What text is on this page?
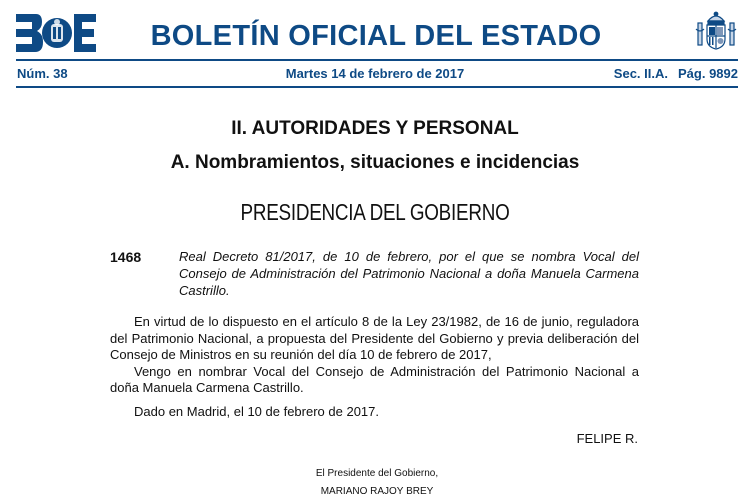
BOLETÍN OFICIAL DEL ESTADO
Núm. 38	Martes 14 de febrero de 2017	Sec. II.A. Pág. 9892
II. AUTORIDADES Y PERSONAL
A. Nombramientos, situaciones e incidencias
PRESIDENCIA DEL GOBIERNO
1468	Real Decreto 81/2017, de 10 de febrero, por el que se nombra Vocal del Consejo de Administración del Patrimonio Nacional a doña Manuela Carmena Castrillo.

En virtud de lo dispuesto en el artículo 8 de la Ley 23/1982, de 16 de junio, reguladora del Patrimonio Nacional, a propuesta del Presidente del Gobierno y previa deliberación del Consejo de Ministros en su reunión del día 10 de febrero de 2017,

Vengo en nombrar Vocal del Consejo de Administración del Patrimonio Nacional a doña Manuela Carmena Castrillo.

Dado en Madrid, el 10 de febrero de 2017.
FELIPE R.
El Presidente del Gobierno,
MARIANO RAJOY BREY
